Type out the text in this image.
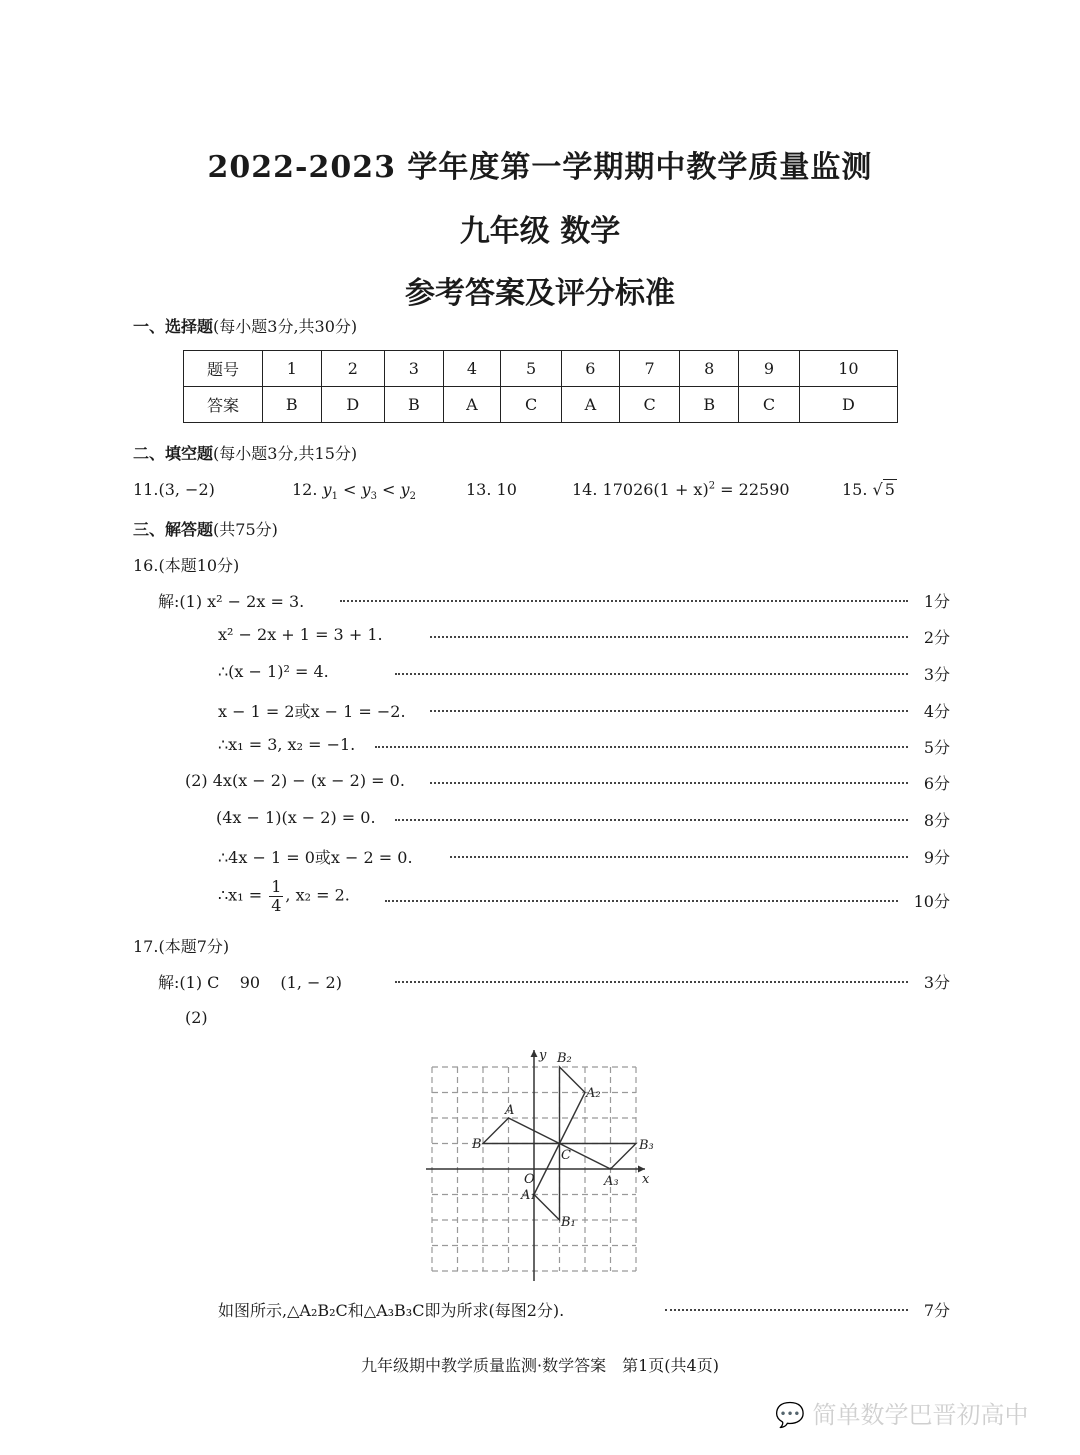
2022-2023 学年度第一学期期中教学质量监测
九年级 数学
参考答案及评分标准
一、选择题(每小题3分,共30分)
题号	1	2	3	4	5	6	7	8	9	10
答案	B	D	B	A	C	A	C	B	C	D
二、填空题(每小题3分,共15分)
11.(3, −2)	12. $y_1 < y_3 < y_2$	13. 10	14. $17026(1 + x)^2 = 22590$	15. √ 5
三、解答题(共75分)
16.(本题10分)
解:(1) x² − 2x = 3.	1分
x² − 2x + 1 = 3 + 1.	2分
∴(x − 1)² = 4.	3分
x − 1 = 2或x − 1 = −2.	4分
∴x₁ = 3, x₂ = −1.	5分
(2) 4x(x − 2) − (x − 2) = 0.	6分
(4x − 1)(x − 2) = 0.	8分
∴4x − 1 = 0或x − 2 = 0.	9分
∴x₁ = $\frac{1}{4}$ , x₂ = 2.	10分
17.(本题7分)
解:(1) C    90    (1, − 2)	3分
(2)
y
x
O
A
B
C
A₁
B₁
A₂
B₂
A₃
B₃
如图所示,△A₂B₂C和△A₃B₃C即为所求(每图2分).	7分
九年级期中教学质量监测·数学答案　第1页(共4页)
💬 简单数学巴晋初高中
